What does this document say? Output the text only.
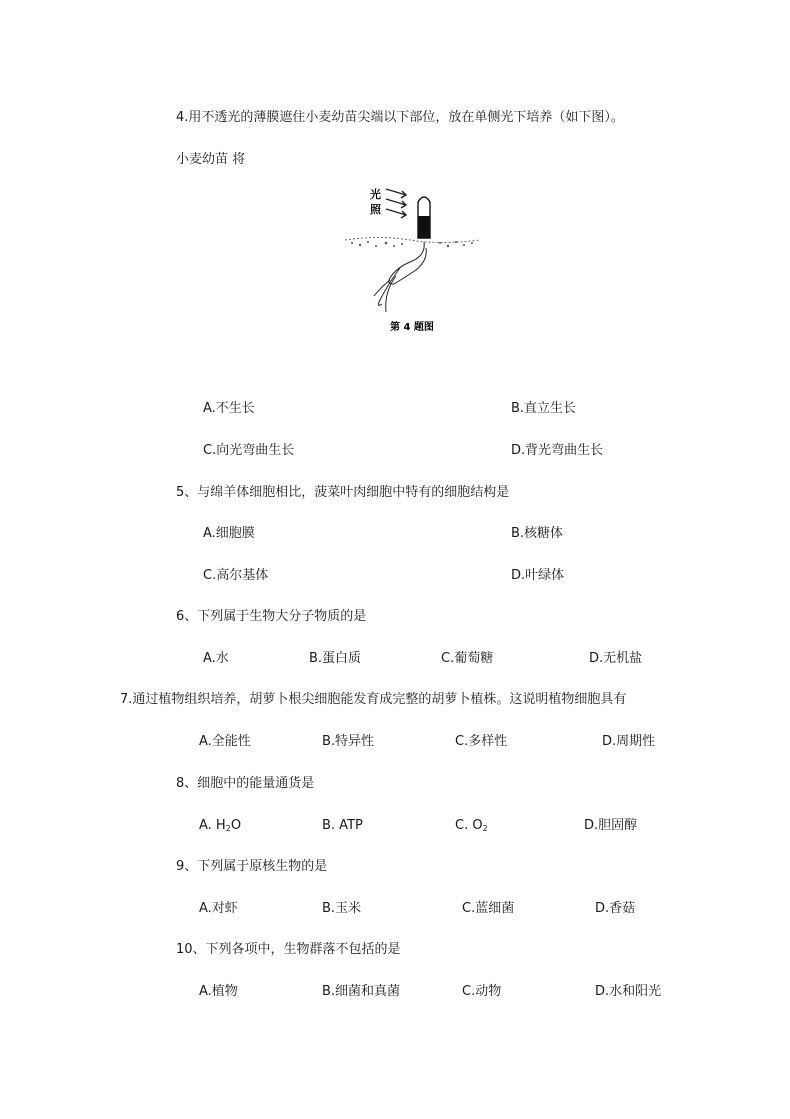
4.用不透光的薄膜遮住小麦幼苗尖端以下部位，放在单侧光下培养（如下图）。
小麦幼苗 将
光
照
第 4 题图
A.不生长	B.直立生长
C.向光弯曲生长	D.背光弯曲生长
5、与绵羊体细胞相比，菠菜叶肉细胞中特有的细胞结构是
A.细胞膜	B.核糖体
C.高尔基体	D.叶绿体
6、下列属于生物大分子物质的是
A.水	B.蛋白质	C.葡萄糖	D.无机盐
7.通过植物组织培养，胡萝卜根尖细胞能发育成完整的胡萝卜植株。这说明植物细胞具有
A.全能性	B.特异性	C.多样性	D.周期性
8、细胞中的能量通货是
A. $H_2O$	B. ATP	C. $O_2$	D.胆固醇
9、下列属于原核生物的是
A.对虾	B.玉米	C.蓝细菌	D.香菇
10、下列各项中，生物群落不包括的是
A.植物	B.细菌和真菌	C.动物	D.水和阳光
